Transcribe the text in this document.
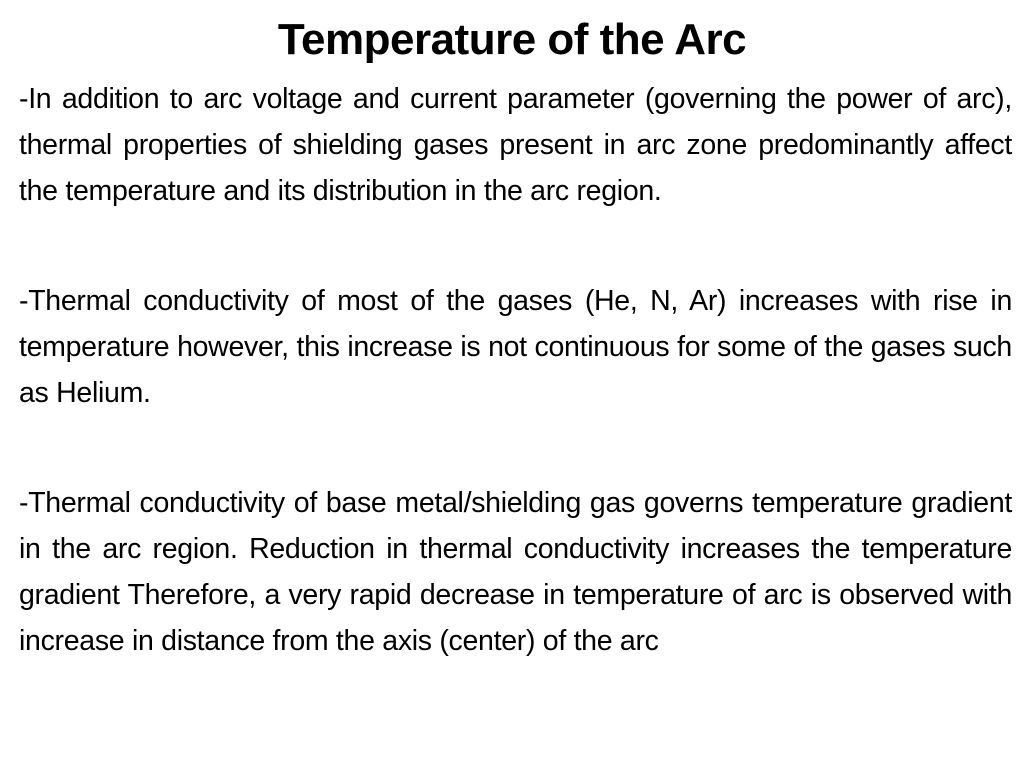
Temperature of the Arc

-In addition to arc voltage and current parameter (governing the power of arc), thermal properties of shielding gases present in arc zone predominantly affect the temperature and its distribution in the arc region.

-Thermal conductivity of most of the gases (He, N, Ar) increases with rise in temperature however, this increase is not continuous for some of the gases such as Helium.

-Thermal conductivity of base metal/shielding gas governs temperature gradient in the arc region. Reduction in thermal conductivity increases the temperature gradient Therefore, a very rapid decrease in temperature of arc is observed with increase in distance from the axis (center) of the arc
